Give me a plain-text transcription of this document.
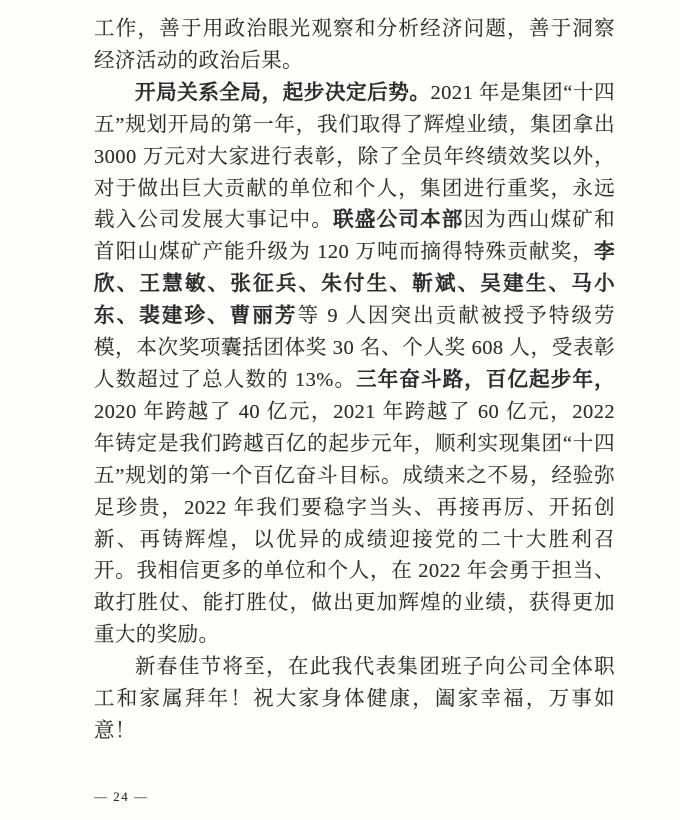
工作，善于用政治眼光观察和分析经济问题，善于洞察经济活动的政治后果。

开局关系全局，起步决定后势。2021 年是集团“十四五”规划开局的第一年，我们取得了辉煌业绩，集团拿出 3000 万元对大家进行表彰，除了全员年终绩效奖以外，对于做出巨大贡献的单位和个人，集团进行重奖，永远载入公司发展大事记中。联盛公司本部因为西山煤矿和首阳山煤矿产能升级为 120 万吨而摘得特殊贡献奖，李欣、王慧敏、张征兵、朱付生、靳斌、吴建生、马小东、裴建珍、曹丽芳等 9 人因突出贡献被授予特级劳模，本次奖项囊括团体奖 30 名、个人奖 608 人，受表彰人数超过了总人数的 13%。三年奋斗路，百亿起步年，2020 年跨越了 40 亿元，2021 年跨越了 60 亿元，2022 年铸定是我们跨越百亿的起步元年，顺利实现集团“十四五”规划的第一个百亿奋斗目标。成绩来之不易，经验弥足珍贵，2022 年我们要稳字当头、再接再厉、开拓创新、再铸辉煌，以优异的成绩迎接党的二十大胜利召开。我相信更多的单位和个人，在 2022 年会勇于担当、敢打胜仗、能打胜仗，做出更加辉煌的业绩，获得更加重大的奖励。

新春佳节将至，在此我代表集团班子向公司全体职工和家属拜年！祝大家身体健康，阖家幸福，万事如意！

— 24 —
